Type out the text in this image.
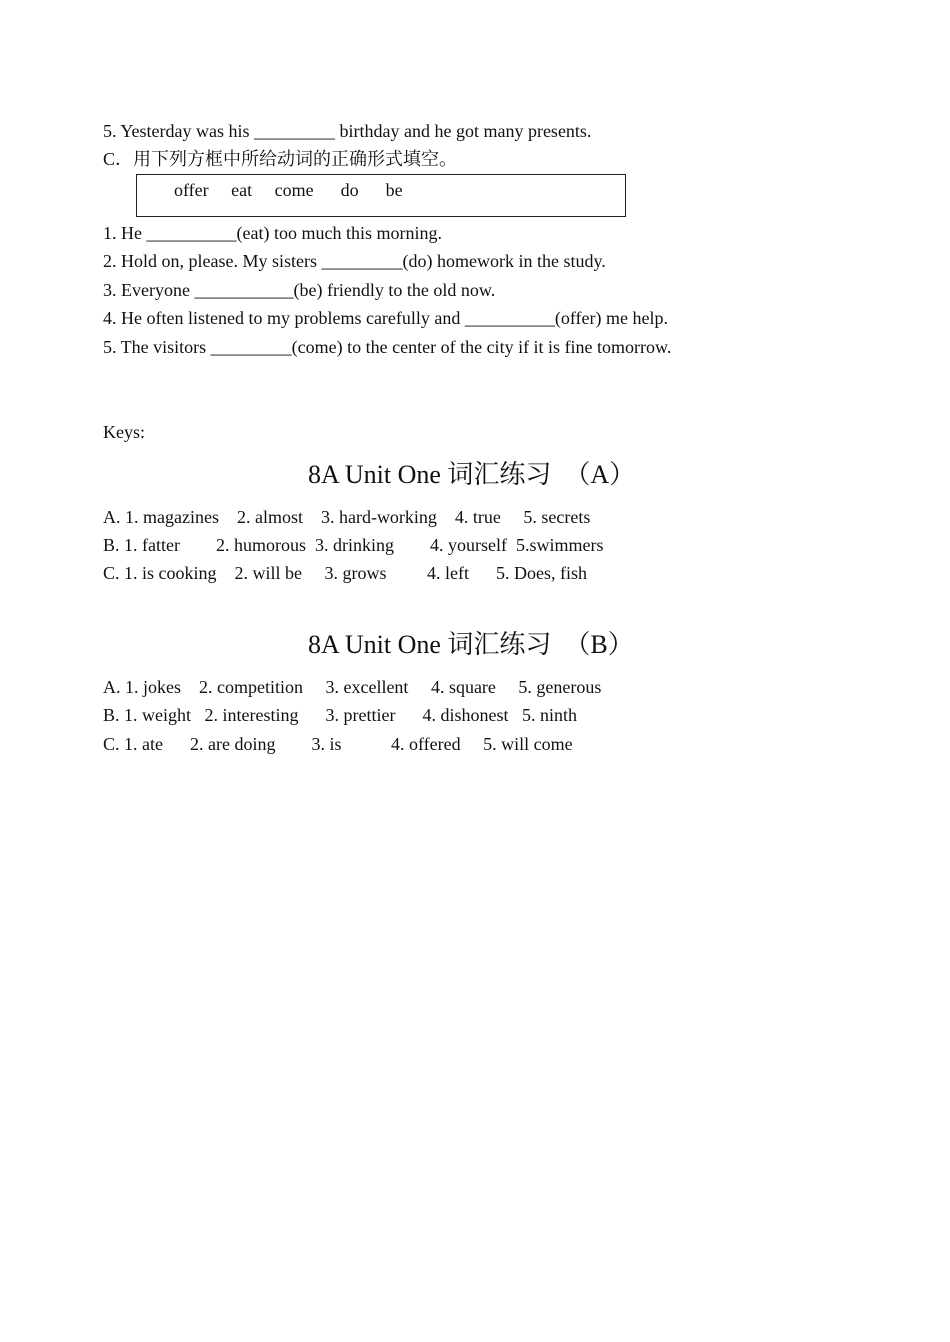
5. Yesterday was his _________ birthday and he got many presents.
C．用下列方框中所给动词的正确形式填空。
offer     eat     come      do      be
1. He __________(eat) too much this morning.
2. Hold on, please. My sisters _________(do) homework in the study.
3. Everyone ___________(be) friendly to the old now.
4. He often listened to my problems carefully and __________(offer) me help.
5. The visitors _________(come) to the center of the city if it is fine tomorrow.
Keys:
8A Unit One 词汇练习  （A）
A. 1. magazines    2. almost    3. hard-working    4. true     5. secrets
B. 1. fatter        2. humorous  3. drinking        4. yourself  5.swimmers
C. 1. is cooking    2. will be     3. grows         4. left      5. Does, fish
8A Unit One 词汇练习  （B）
A. 1. jokes    2. competition     3. excellent     4. square     5. generous
B. 1. weight   2. interesting      3. prettier      4. dishonest   5. ninth
C. 1. ate      2. are doing        3. is           4. offered     5. will come
